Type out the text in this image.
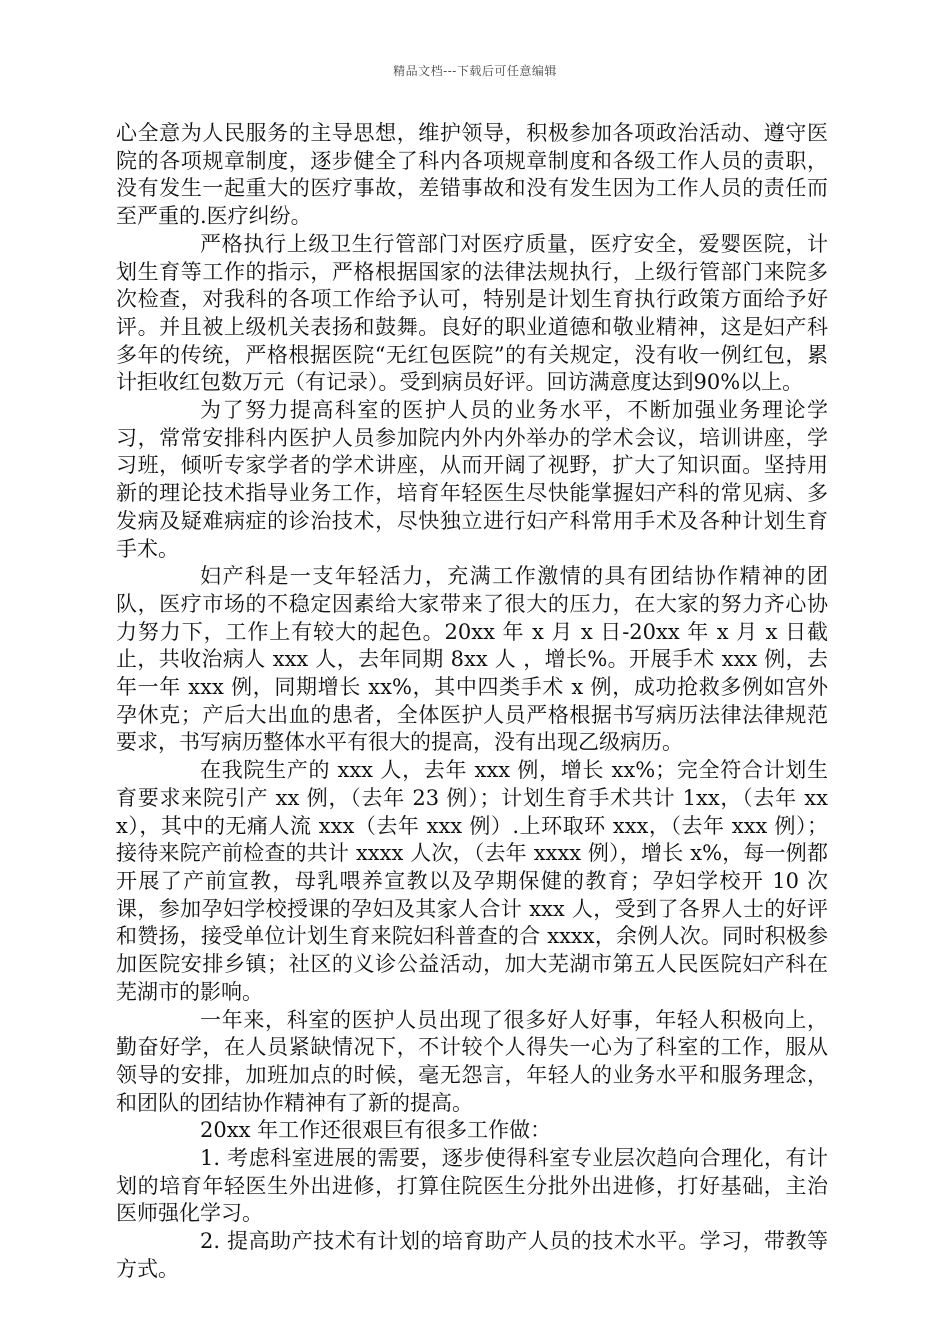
精品文档---下载后可任意编辑

心全意为人民服务的主导思想，维护领导，积极参加各项政治活动、遵守医院的各项规章制度，逐步健全了科内各项规章制度和各级工作人员的责职，没有发生一起重大的医疗事故，差错事故和没有发生因为工作人员的责任而至严重的.医疗纠纷。

严格执行上级卫生行管部门对医疗质量，医疗安全，爱婴医院，计划生育等工作的指示，严格根据国家的法律法规执行，上级行管部门来院多次检查，对我科的各项工作给予认可，特别是计划生育执行政策方面给予好评。并且被上级机关表扬和鼓舞。良好的职业道德和敬业精神，这是妇产科多年的传统，严格根据医院“无红包医院”的有关规定，没有收一例红包，累计拒收红包数万元（有记录）。受到病员好评。回访满意度达到90%以上。

为了努力提高科室的医护人员的业务水平，不断加强业务理论学习，常常安排科内医护人员参加院内外内外举办的学术会议，培训讲座，学习班，倾听专家学者的学术讲座，从而开阔了视野，扩大了知识面。坚持用新的理论技术指导业务工作，培育年轻医生尽快能掌握妇产科的常见病、多发病及疑难病症的诊治技术，尽快独立进行妇产科常用手术及各种计划生育手术。

妇产科是一支年轻活力，充满工作激情的具有团结协作精神的团队，医疗市场的不稳定因素给大家带来了很大的压力，在大家的努力齐心协力努力下，工作上有较大的起色。20xx 年 x 月 x 日-20xx 年 x 月 x 日截止，共收治病人 xxx 人，去年同期 8xx 人 ，增长%。开展手术 xxx 例，去年一年 xxx 例，同期增长 xx%，其中四类手术 x 例，成功抢救多例如宫外孕休克；产后大出血的患者，全体医护人员严格根据书写病历法律法律规范要求，书写病历整体水平有很大的提高，没有出现乙级病历。

在我院生产的 xxx 人，去年 xxx 例，增长 xx%；完全符合计划生育要求来院引产 xx 例，（去年 23 例）；计划生育手术共计 1xx，（去年 xxx），其中的无痛人流 xxx（去年 xxx 例）.上环取环 xxx，（去年 xxx 例）；接待来院产前检查的共计 xxxx 人次，（去年 xxxx 例），增长 x%，每一例都开展了产前宣教，母乳喂养宣教以及孕期保健的教育；孕妇学校开 10 次课，参加孕妇学校授课的孕妇及其家人合计 xxx 人，受到了各界人士的好评和赞扬，接受单位计划生育来院妇科普查的合 xxxx，余例人次。同时积极参加医院安排乡镇；社区的义诊公益活动，加大芜湖市第五人民医院妇产科在芜湖市的影响。

一年来，科室的医护人员出现了很多好人好事，年轻人积极向上，勤奋好学，在人员紧缺情况下，不计较个人得失一心为了科室的工作，服从领导的安排，加班加点的时候，毫无怨言，年轻人的业务水平和服务理念，和团队的团结协作精神有了新的提高。

20xx 年工作还很艰巨有很多工作做：

1. 考虑科室进展的需要，逐步使得科室专业层次趋向合理化，有计划的培育年轻医生外出进修，打算住院医生分批外出进修，打好基础，主治医师强化学习。

2. 提高助产技术有计划的培育助产人员的技术水平。学习，带教等方式。
